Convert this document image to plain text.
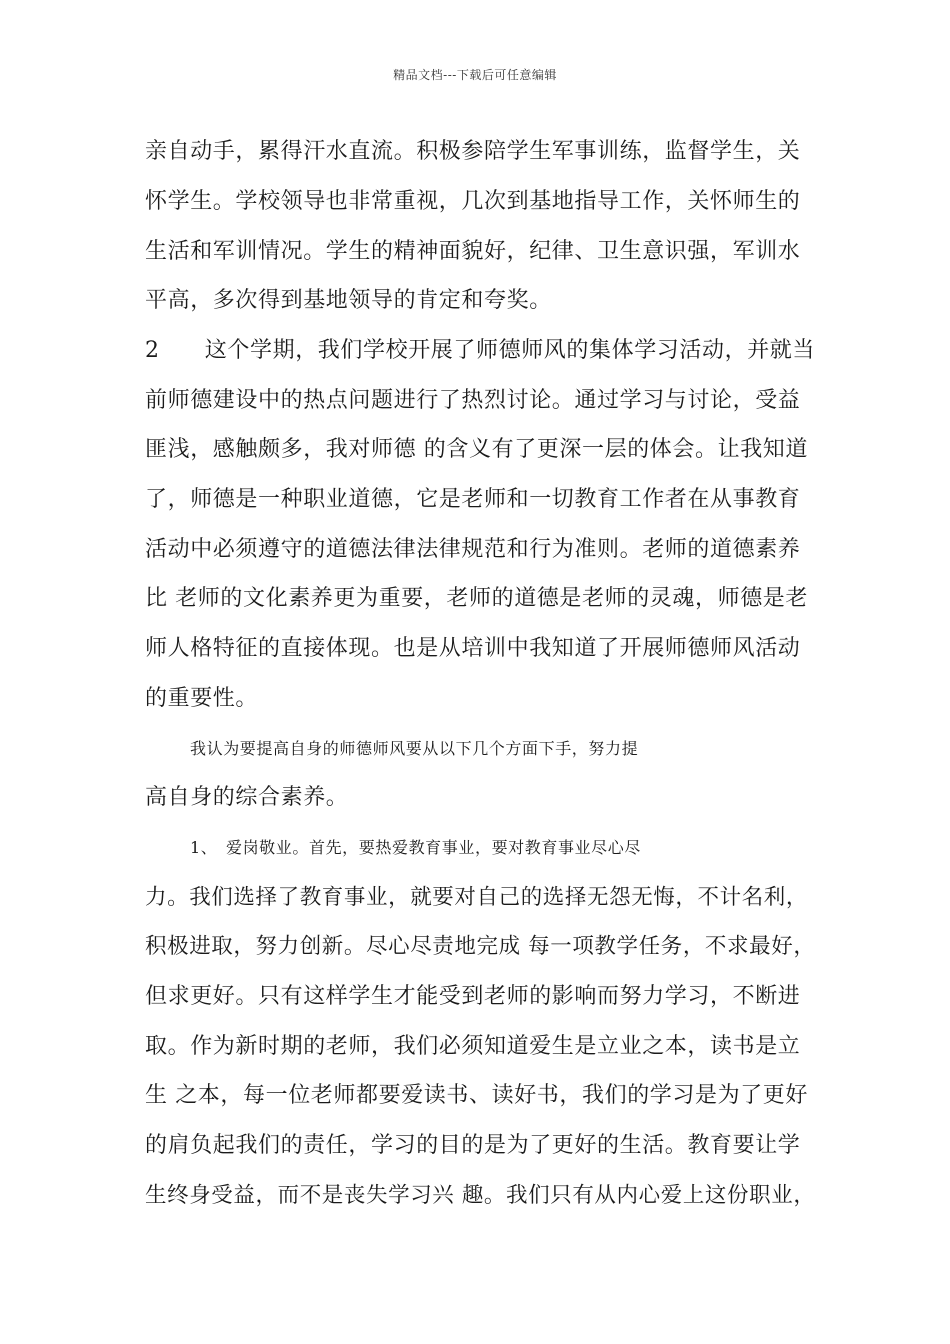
精品文档---下载后可任意编辑
亲自动手，累得汗水直流。积极参陪学生军事训练，监督学生，关
怀学生。学校领导也非常重视，几次到基地指导工作，关怀师生的
生活和军训情况。学生的精神面貌好，纪律、卫生意识强，军训水
平高，多次得到基地领导的肯定和夸奖。
2　　这个学期，我们学校开展了师德师风的集体学习活动，并就当
前师德建设中的热点问题进行了热烈讨论。通过学习与讨论，受益
匪浅，感触颇多，我对师德 的含义有了更深一层的体会。让我知道
了，师德是一种职业道德，它是老师和一切教育工作者在从事教育
活动中必须遵守的道德法律法律规范和行为准则。老师的道德素养
比 老师的文化素养更为重要，老师的道德是老师的灵魂，师德是老
师人格特征的直接体现。也是从培训中我知道了开展师德师风活动
的重要性。
我认为要提高自身的师德师风要从以下几个方面下手，努力提
高自身的综合素养。
1、　爱岗敬业。首先，要热爱教育事业，要对教育事业尽心尽
力。我们选择了教育事业，就要对自己的选择无怨无悔，不计名利，
积极进取，努力创新。尽心尽责地完成 每一项教学任务，不求最好，
但求更好。只有这样学生才能受到老师的影响而努力学习，不断进
取。作为新时期的老师，我们必须知道爱生是立业之本，读书是立
生 之本，每一位老师都要爱读书、读好书，我们的学习是为了更好
的肩负起我们的责任，学习的目的是为了更好的生活。教育要让学
生终身受益，而不是丧失学习兴 趣。我们只有从内心爱上这份职业，
